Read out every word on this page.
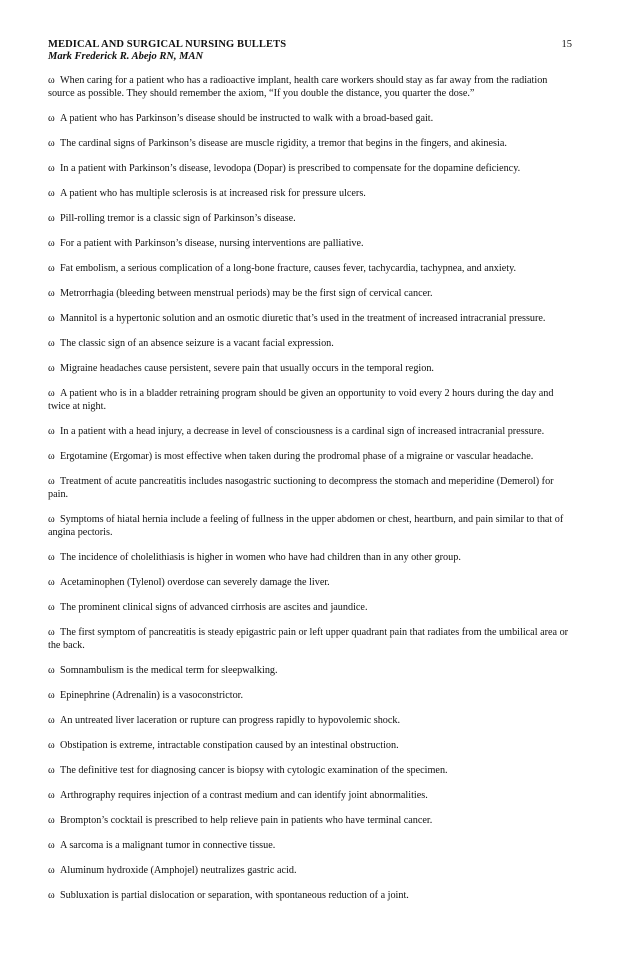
MEDICAL AND SURGICAL NURSING BULLETS
Mark Frederick R. Abejo RN, MAN
15

ω When caring for a patient who has a radioactive implant, health care workers should stay as far away from the radiation source as possible. They should remember the axiom, “If you double the distance, you quarter the dose.”

ω A patient who has Parkinson’s disease should be instructed to walk with a broad-based gait.

ω The cardinal signs of Parkinson’s disease are muscle rigidity, a tremor that begins in the fingers, and akinesia.

ω In a patient with Parkinson’s disease, levodopa (Dopar) is prescribed to compensate for the dopamine deficiency.

ω A patient who has multiple sclerosis is at increased risk for pressure ulcers.

ω Pill-rolling tremor is a classic sign of Parkinson’s disease.

ω For a patient with Parkinson’s disease, nursing interventions are palliative.

ω Fat embolism, a serious complication of a long-bone fracture, causes fever, tachycardia, tachypnea, and anxiety.

ω Metrorrhagia (bleeding between menstrual periods) may be the first sign of cervical cancer.

ω Mannitol is a hypertonic solution and an osmotic diuretic that’s used in the treatment of increased intracranial pressure.

ω The classic sign of an absence seizure is a vacant facial expression.

ω Migraine headaches cause persistent, severe pain that usually occurs in the temporal region.

ω A patient who is in a bladder retraining program should be given an opportunity to void every 2 hours during the day and twice at night.

ω In a patient with a head injury, a decrease in level of consciousness is a cardinal sign of increased intracranial pressure.

ω Ergotamine (Ergomar) is most effective when taken during the prodromal phase of a migraine or vascular headache.

ω Treatment of acute pancreatitis includes nasogastric suctioning to decompress the stomach and meperidine (Demerol) for pain.

ω Symptoms of hiatal hernia include a feeling of fullness in the upper abdomen or chest, heartburn, and pain similar to that of angina pectoris.

ω The incidence of cholelithiasis is higher in women who have had children than in any other group.

ω Acetaminophen (Tylenol) overdose can severely damage the liver.

ω The prominent clinical signs of advanced cirrhosis are ascites and jaundice.

ω The first symptom of pancreatitis is steady epigastric pain or left upper quadrant pain that radiates from the umbilical area or the back.

ω Somnambulism is the medical term for sleepwalking.

ω Epinephrine (Adrenalin) is a vasoconstrictor.

ω An untreated liver laceration or rupture can progress rapidly to hypovolemic shock.

ω Obstipation is extreme, intractable constipation caused by an intestinal obstruction.

ω The definitive test for diagnosing cancer is biopsy with cytologic examination of the specimen.

ω Arthrography requires injection of a contrast medium and can identify joint abnormalities.

ω Brompton’s cocktail is prescribed to help relieve pain in patients who have terminal cancer.

ω A sarcoma is a malignant tumor in connective tissue.

ω Aluminum hydroxide (Amphojel) neutralizes gastric acid.

ω Subluxation is partial dislocation or separation, with spontaneous reduction of a joint.
